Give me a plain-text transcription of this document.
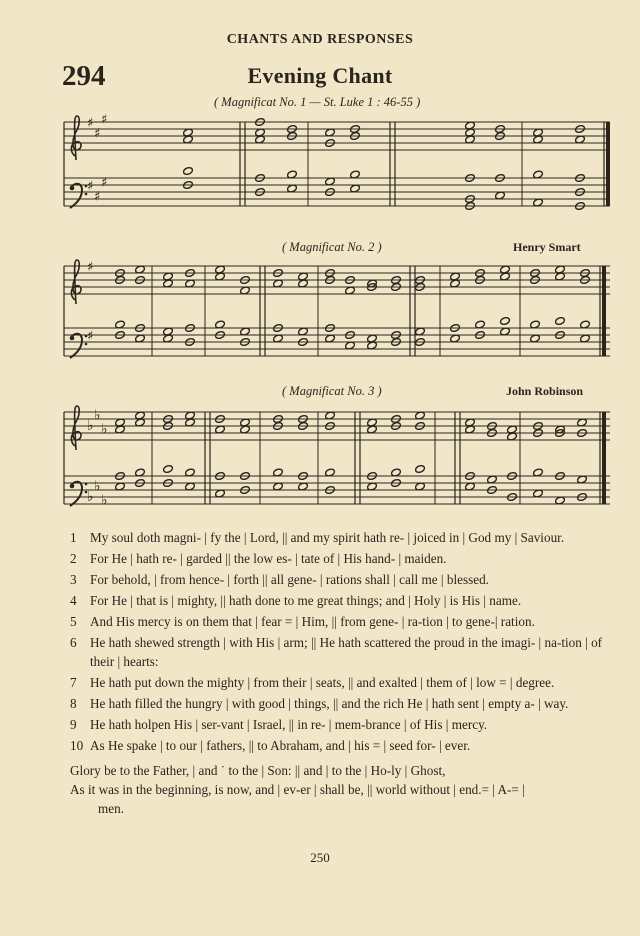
CHANTS AND RESPONSES
294	Evening Chant
( Magnificat No. 1 — St. Luke 1 : 46-55 )
♯
♯
♯
♯
♯
♯
( Magnificat No. 2 )	Henry Smart
♯
♯
( Magnificat No. 3 )	John Robinson
♭
♭
♭
♭
♭
♭
1	My soul doth magni- | fy the | Lord, || and my spirit hath re- | joiced in | God my | Saviour.
2	For He | hath re- | garded || the low es- | tate of | His hand- | maiden.
3	For behold, | from hence- | forth || all gene- | rations shall | call me | blessed.
4	For He | that is | mighty, || hath done to me great things; and | Holy | is His | name.
5	And His mercy is on them that | fear = | Him, || from gene- | ra-tion | to gene-| ration.
6	He hath shewed strength | with His | arm; || He hath scattered the proud in the imagi- | na-tion | of their | hearts:
7	He hath put down the mighty | from their | seats, || and exalted | them of | low = | degree.
8	He hath filled the hungry | with good | things, || and the rich He | hath sent | empty a- | way.
9	He hath holpen His | ser-vant | Israel, || in re- | mem-brance | of His | mercy.
10 As He spake | to our | fathers, || to Abraham, and | his = | seed for- | ever.
Glory be to the Father, | and ˙ to the | Son: || and | to the | Ho-ly | Ghost,
As it was in the beginning, is now, and | ev-er | shall be, || world without | end.= | A-= |
men.
250
